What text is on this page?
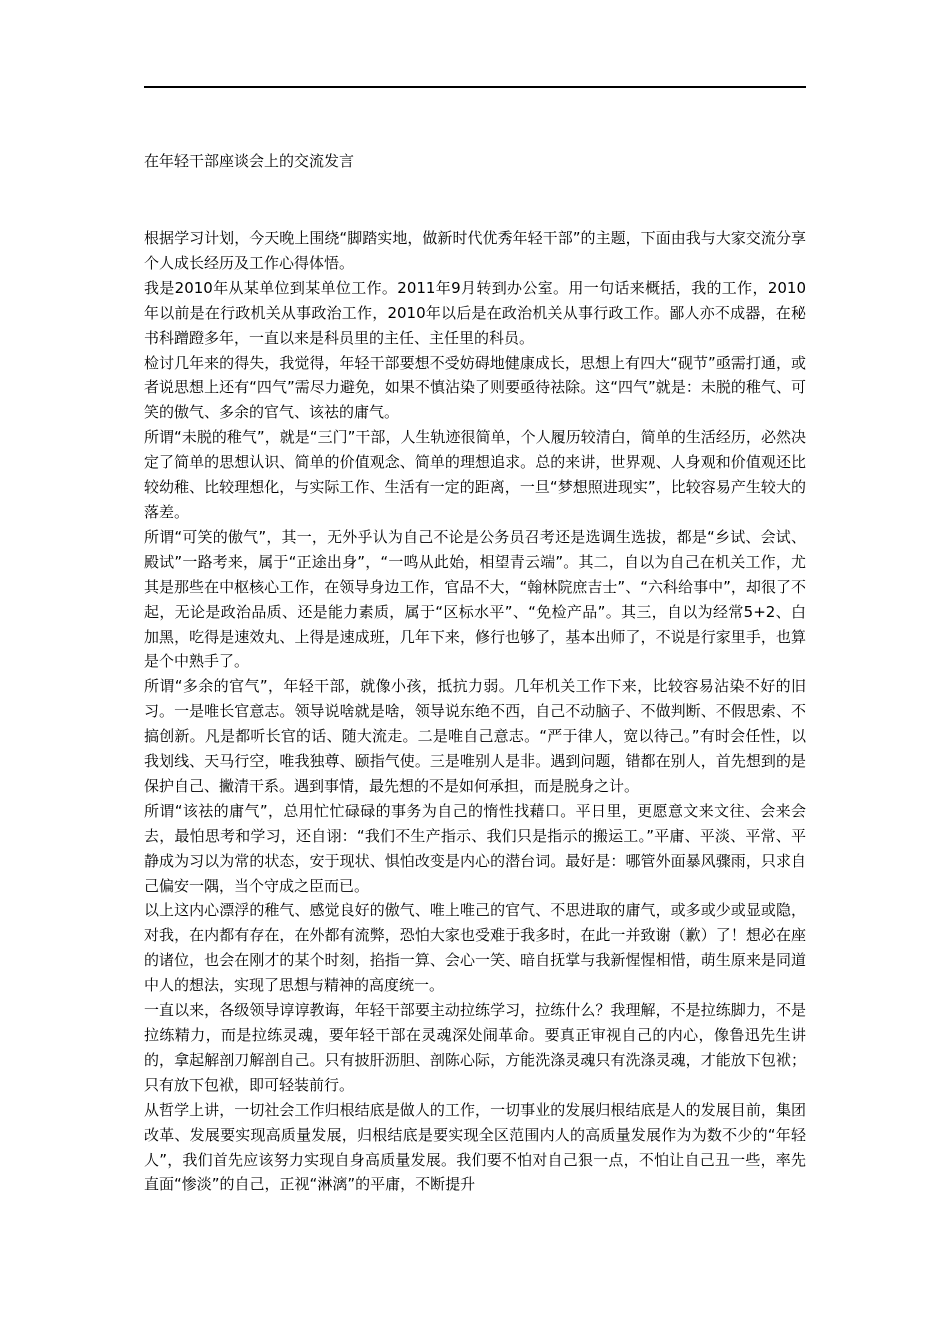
在年轻干部座谈会上的交流发言

根据学习计划，今天晚上围绕“脚踏实地，做新时代优秀年轻干部”的主题，下面由我与大家交流分享个人成长经历及工作心得体悟。

我是2010年从某单位到某单位工作。2011年9月转到办公室。用一句话来概括，我的工作，2010年以前是在行政机关从事政治工作，2010年以后是在政治机关从事行政工作。鄙人亦不成器，在秘书科蹭蹬多年，一直以来是科员里的主任、主任里的科员。

检讨几年来的得失，我觉得，年轻干部要想不受妨碍地健康成长，思想上有四大“砚节”亟需打通，或者说思想上还有“四气”需尽力避免，如果不慎沾染了则要亟待祛除。这“四气”就是：未脱的稚气、可笑的傲气、多余的官气、该祛的庸气。

所谓“未脱的稚气”，就是“三门”干部，人生轨迹很简单，个人履历较清白，简单的生活经历，必然决定了简单的思想认识、简单的价值观念、简单的理想追求。总的来讲，世界观、人身观和价值观还比较幼稚、比较理想化，与实际工作、生活有一定的距离，一旦“梦想照进现实”，比较容易产生较大的落差。

所谓“可笑的傲气”，其一，无外乎认为自己不论是公务员召考还是选调生选拔，都是“乡试、会试、殿试”一路考来，属于“正途出身”，“一鸣从此始，相望青云端”。其二，自以为自己在机关工作，尤其是那些在中枢核心工作，在领导身边工作，官品不大，“翰林院庶吉士”、“六科给事中”，却很了不起，无论是政治品质、还是能力素质，属于“区标水平”、“免检产品”。其三，自以为经常5+2、白加黑，吃得是速效丸、上得是速成班，几年下来，修行也够了，基本出师了，不说是行家里手，也算是个中熟手了。

所谓“多余的官气”，年轻干部，就像小孩，抵抗力弱。几年机关工作下来，比较容易沾染不好的旧习。一是唯长官意志。领导说啥就是啥，领导说东绝不西，自己不动脑子、不做判断、不假思索、不搞创新。凡是都听长官的话、随大流走。二是唯自己意志。“严于律人，宽以待己。”有时会任性，以我划线、天马行空，唯我独尊、颐指气使。三是唯别人是非。遇到问题，错都在别人，首先想到的是保护自己、撇清干系。遇到事情，最先想的不是如何承担，而是脱身之计。

所谓“该祛的庸气”，总用忙忙碌碌的事务为自己的惰性找藉口。平日里，更愿意文来文往、会来会去，最怕思考和学习，还自诩：“我们不生产指示、我们只是指示的搬运工。”平庸、平淡、平常、平静成为习以为常的状态，安于现状、惧怕改变是内心的潜台词。最好是：哪管外面暴风骤雨，只求自己偏安一隅，当个守成之臣而已。

以上这内心漂浮的稚气、感觉良好的傲气、唯上唯己的官气、不思进取的庸气，或多或少或显或隐，对我，在内都有存在，在外都有流弊，恐怕大家也受难于我多时，在此一并致谢（歉）了！想必在座的诸位，也会在刚才的某个时刻，掐指一算、会心一笑、暗自抚掌与我新惺惺相惜，萌生原来是同道中人的想法，实现了思想与精神的高度统一。

一直以来，各级领导谆谆教诲，年轻干部要主动拉练学习，拉练什么？我理解，不是拉练脚力，不是拉练精力，而是拉练灵魂，要年轻干部在灵魂深处闹革命。要真正审视自己的内心，像鲁迅先生讲的，拿起解剖刀解剖自己。只有披肝沥胆、剖陈心际，方能洗涤灵魂只有洗涤灵魂，才能放下包袱；只有放下包袱，即可轻装前行。

从哲学上讲，一切社会工作归根结底是做人的工作，一切事业的发展归根结底是人的发展目前，集团改革、发展要实现高质量发展，归根结底是要实现全区范围内人的高质量发展作为为数不少的“年轻人”，我们首先应该努力实现自身高质量发展。我们要不怕对自己狠一点，不怕让自己丑一些，率先直面“惨淡”的自己，正视“淋漓”的平庸，不断提升
